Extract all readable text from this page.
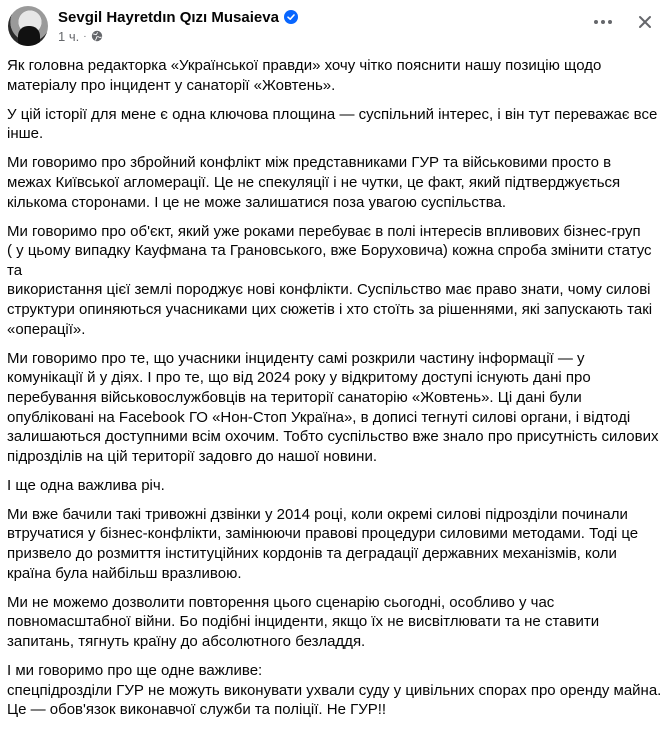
Sevgil Hayretdın Qızı Musaieva
1 ч. ·

Як головна редакторка «Української правди» хочу чітко пояснити нашу позицію щодо
матеріалу про інцидент у санаторії «Жовтень».

У цій історії для мене є одна ключова площина — суспільний інтерес, і він тут переважає все
інше.

Ми говоримо про збройний конфлікт між представниками ГУР та військовими просто в
межах Київської агломерації. Це не спекуляції і не чутки, це факт, який підтверджується
кількома сторонами. І це не може залишатися поза увагою суспільства.

Ми говоримо про об'єкт, який уже роками перебуває в полі інтересів впливових бізнес-груп
( у цьому випадку Кауфмана та Грановського, вже Боруховича) кожна спроба змінити статус та
використання цієї землі породжує нові конфлікти. Суспільство має право знати, чому силові
структури опиняються учасниками цих сюжетів і хто стоїть за рішеннями, які запускають такі
«операції».

Ми говоримо про те, що учасники інциденту самі розкрили частину інформації — у
комунікації й у діях. І про те, що від 2024 року у відкритому доступі існують дані про
перебування військовослужбовців на території санаторію «Жовтень». Ці дані були
опубліковані на Facebook ГО «Нон-Стоп Україна», в дописі тегнуті силові органи, і відтоді
залишаються доступними всім охочим. Тобто суспільство вже знало про присутність силових
підрозділів на цій території задовго до нашої новини.

І ще одна важлива річ.

Ми вже бачили такі тривожні дзвінки у 2014 році, коли окремі силові підрозділи починали
втручатися у бізнес-конфлікти, замінюючи правові процедури силовими методами. Тоді це
призвело до розмиття інституційних кордонів та деградації державних механізмів, коли
країна була найбільш вразливою.

Ми не можемо дозволити повторення цього сценарію сьогодні, особливо у час
повномасштабної війни. Бо подібні інциденти, якщо їх не висвітлювати та не ставити
запитань, тягнуть країну до абсолютного безладдя.

І ми говоримо про ще одне важливе:
спецпідрозділи ГУР не можуть виконувати ухвали суду у цивільних спорах про оренду майна.
Це — обов'язок виконавчої служби та поліції. Не ГУР!!
